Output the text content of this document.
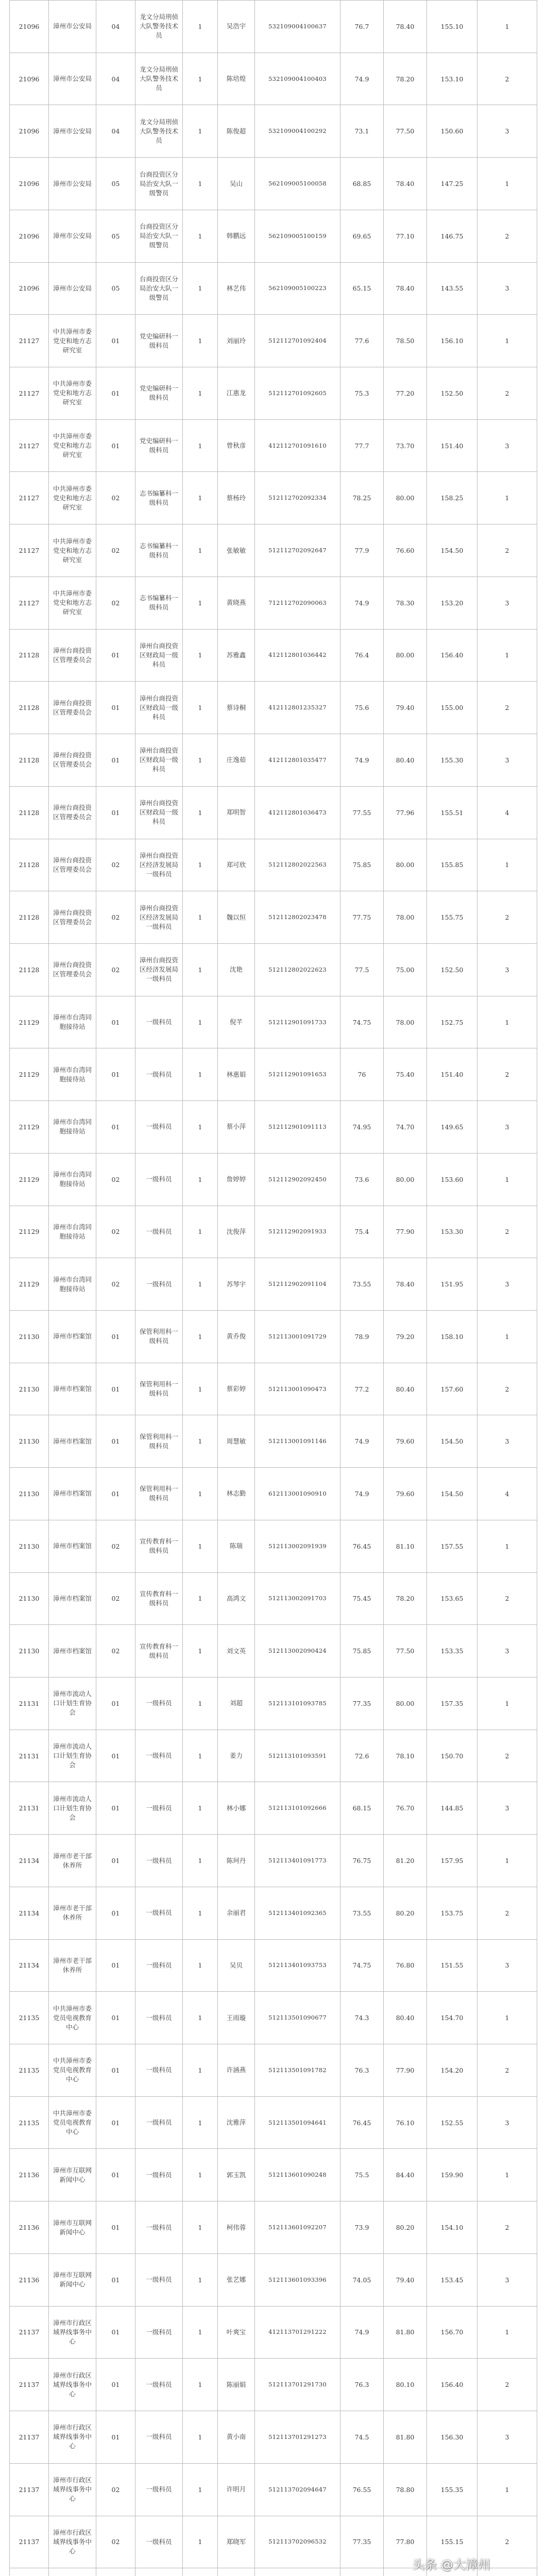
21096	漳州市公安局	04	龙文分局刑侦大队警务技术员	1	吴浩宇	532109004100637	76.7	78.40	155.10	1
21096	漳州市公安局	04	龙文分局刑侦大队警务技术员	1	陈培煌	532109004100403	74.9	78.20	153.10	2
21096	漳州市公安局	04	龙文分局刑侦大队警务技术员	1	陈俊超	532109004100292	73.1	77.50	150.60	3
21096	漳州市公安局	05	台商投资区分局治安大队一级警员	1	吴山	562109005100058	68.85	78.40	147.25	1
21096	漳州市公安局	05	台商投资区分局治安大队一级警员	1	韩鹏远	562109005100159	69.65	77.10	146.75	2
21096	漳州市公安局	05	台商投资区分局治安大队一级警员	1	林艺伟	562109005100223	65.15	78.40	143.55	3
21127	中共漳州市委党史和地方志研究室	01	党史编研科一级科员	1	刘丽玲	512112701092404	77.6	78.50	156.10	1
21127	中共漳州市委党史和地方志研究室	01	党史编研科一级科员	1	江惠龙	512112701092605	75.3	77.20	152.50	2
21127	中共漳州市委党史和地方志研究室	01	党史编研科一级科员	1	曾秋彦	412112701091610	77.7	73.70	151.40	3
21127	中共漳州市委党史和地方志研究室	02	志书编纂科一级科员	1	蔡杨玲	512112702092334	78.25	80.00	158.25	1
21127	中共漳州市委党史和地方志研究室	02	志书编纂科一级科员	1	张敏敏	512112702092647	77.9	76.60	154.50	2
21127	中共漳州市委党史和地方志研究室	02	志书编纂科一级科员	1	黄晓燕	712112702090063	74.9	78.30	153.20	3
21128	漳州台商投资区管理委员会	01	漳州台商投资区财政局一级科员	1	苏雅鑫	412112801036442	76.4	80.00	156.40	1
21128	漳州台商投资区管理委员会	01	漳州台商投资区财政局一级科员	1	蔡诗桐	412112801235327	75.6	79.40	155.00	2
21128	漳州台商投资区管理委员会	01	漳州台商投资区财政局一级科员	1	庄逸茹	412112801035477	74.9	80.40	155.30	3
21128	漳州台商投资区管理委员会	01	漳州台商投资区财政局一级科员	1	郑明智	412112801036473	77.55	77.96	155.51	4
21128	漳州台商投资区管理委员会	02	漳州台商投资区经济发展局一级科员	1	郑可欣	512112802022563	75.85	80.00	155.85	1
21128	漳州台商投资区管理委员会	02	漳州台商投资区经济发展局一级科员	1	魏以恒	512112802023478	77.75	78.00	155.75	2
21128	漳州台商投资区管理委员会	02	漳州台商投资区经济发展局一级科员	1	沈艳	512112802022623	77.5	75.00	152.50	3
21129	漳州市台湾同胞接待站	01	一级科员	1	倪芊	512112901091733	74.75	78.00	152.75	1
21129	漳州市台湾同胞接待站	01	一级科员	1	林惠娟	512112901091653	76	75.40	151.40	2
21129	漳州市台湾同胞接待站	01	一级科员	1	蔡小萍	512112901091113	74.95	74.70	149.65	3
21129	漳州市台湾同胞接待站	02	一级科员	1	詹婷婷	512112902092450	73.6	80.00	153.60	1
21129	漳州市台湾同胞接待站	02	一级科员	1	沈俊萍	512112902091933	75.4	77.90	153.30	2
21129	漳州市台湾同胞接待站	02	一级科员	1	苏琴宇	512112902091104	73.55	78.40	151.95	3
21130	漳州市档案馆	01	保管利用科一级科员	1	黄乔俊	512113001091729	78.9	79.20	158.10	1
21130	漳州市档案馆	01	保管利用科一级科员	1	蔡彩婷	512113001090473	77.2	80.40	157.60	2
21130	漳州市档案馆	01	保管利用科一级科员	1	周慧敏	512113001091146	74.9	79.60	154.50	3
21130	漳州市档案馆	01	保管利用科一级科员	1	林志勤	612113001090910	74.9	79.60	154.50	4
21130	漳州市档案馆	02	宣传教育科一级科员	1	陈瑞	512113002091939	76.45	81.10	157.55	1
21130	漳州市档案馆	02	宣传教育科一级科员	1	高鸿文	512113002091703	75.45	78.20	153.65	2
21130	漳州市档案馆	02	宣传教育科一级科员	1	刘文英	512113002090424	75.85	77.50	153.35	3
21131	漳州市流动人口计划生育协会	01	一级科员	1	刘超	512113101093785	77.35	80.00	157.35	1
21131	漳州市流动人口计划生育协会	01	一级科员	1	姜力	512113101093591	72.6	78.10	150.70	2
21131	漳州市流动人口计划生育协会	01	一级科员	1	林小娜	512113101092666	68.15	76.70	144.85	3
21134	漳州市老干部休养所	01	一级科员	1	陈珂丹	512113401091773	76.75	81.20	157.95	1
21134	漳州市老干部休养所	01	一级科员	1	余丽君	512113401092365	73.55	80.20	153.75	2
21134	漳州市老干部休养所	01	一级科员	1	吴贝	512113401093753	74.75	76.80	151.55	3
21135	中共漳州市委党员电视教育中心	01	一级科员	1	王雨璇	512113501090677	74.3	80.40	154.70	1
21135	中共漳州市委党员电视教育中心	01	一级科员	1	许涵燕	512113501091782	76.3	77.90	154.20	2
21135	中共漳州市委党员电视教育中心	01	一级科员	1	沈雅萍	512113501094641	76.45	76.10	152.55	3
21136	漳州市互联网新闻中心	01	一级科员	1	郭玉凯	512113601090248	75.5	84.40	159.90	1
21136	漳州市互联网新闻中心	01	一级科员	1	柯伟蓉	512113601092207	73.9	80.20	154.10	2
21136	漳州市互联网新闻中心	01	一级科员	1	张艺娜	512113601093396	74.05	79.40	153.45	3
21137	漳州市行政区域界线事务中心	01	一级科员	1	叶爽宝	412113701291222	74.9	81.80	156.70	1
21137	漳州市行政区域界线事务中心	01	一级科员	1	陈丽娟	512113701291730	76.3	80.10	156.40	2
21137	漳州市行政区域界线事务中心	01	一级科员	1	黄小南	512113701291273	74.5	81.80	156.30	3
21137	漳州市行政区域界线事务中心	02	一级科员	1	许明月	512113702094647	76.55	78.80	155.35	1
21137	漳州市行政区域界线事务中心	02	一级科员	1	郑晓军	512113702096532	77.35	77.80	155.15	2

头条 @大漳州
